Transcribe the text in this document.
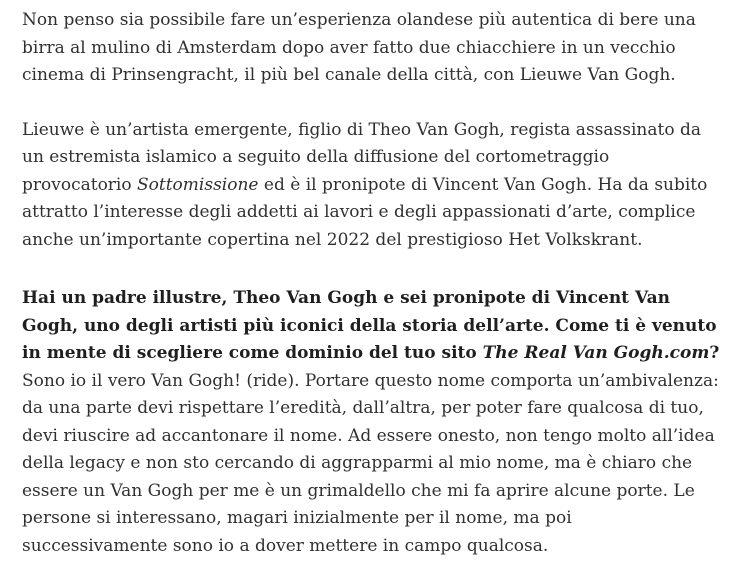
Non penso sia possibile fare un’esperienza olandese più autentica di bere una birra al mulino di Amsterdam dopo aver fatto due chiacchiere in un vecchio cinema di Prinsengracht, il più bel canale della città, con Lieuwe Van Gogh.

Lieuwe è un’artista emergente, figlio di Theo Van Gogh, regista assassinato da un estremista islamico a seguito della diffusione del cortometraggio provocatorio Sottomissione ed è il pronipote di Vincent Van Gogh. Ha da subito attratto l’interesse degli addetti ai lavori e degli appassionati d’arte, complice anche un’importante copertina nel 2022 del prestigioso Het Volkskrant.

Hai un padre illustre, Theo Van Gogh e sei pronipote di Vincent Van Gogh, uno degli artisti più iconici della storia dell’arte. Come ti è venuto in mente di scegliere come dominio del tuo sito The Real Van Gogh.com?

Sono io il vero Van Gogh! (ride). Portare questo nome comporta un’ambivalenza: da una parte devi rispettare l’eredità, dall’altra, per poter fare qualcosa di tuo, devi riuscire ad accantonare il nome. Ad essere onesto, non tengo molto all’idea della legacy e non sto cercando di aggrapparmi al mio nome, ma è chiaro che essere un Van Gogh per me è un grimaldello che mi fa aprire alcune porte. Le persone si interessano, magari inizialmente per il nome, ma poi successivamente sono io a dover mettere in campo qualcosa.
